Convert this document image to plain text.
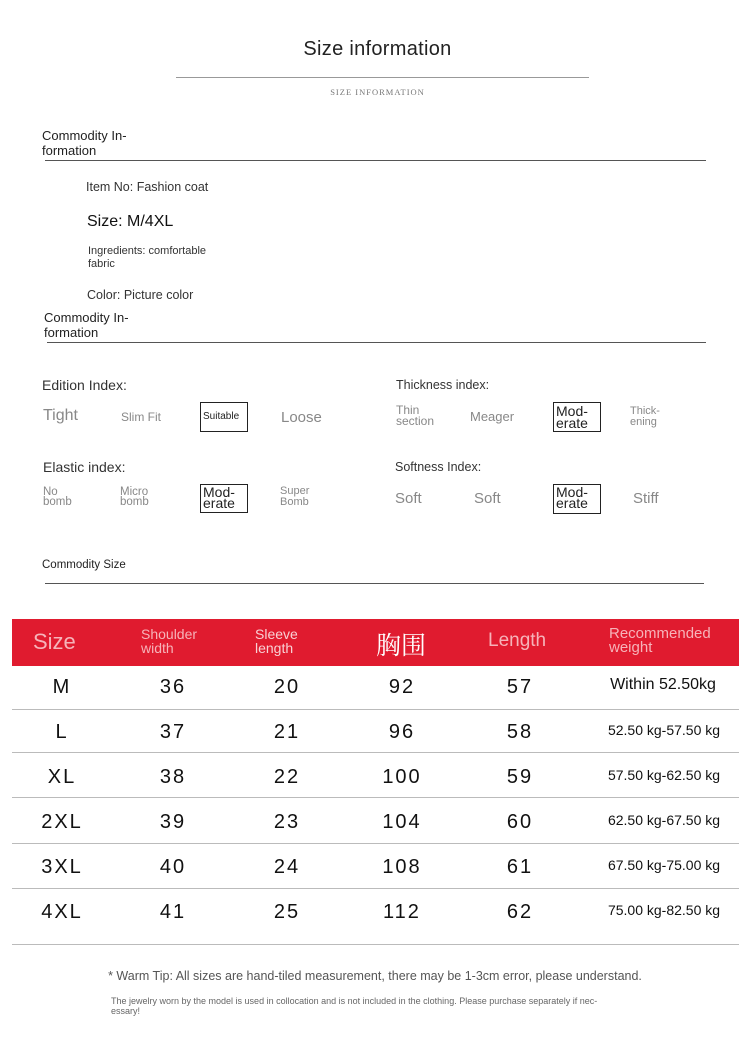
Size information
SIZE INFORMATION
Commodity In-
formation
Item No: Fashion coat
Size: M/4XL
Ingredients: comfortable
fabric
Color: Picture color
Commodity In-
formation
Edition Index:
Tight	Slim Fit	Suitable	Loose
Thickness index:
Thin
section	Meager	Mod-
erate
Thick-
ening
Elastic index:
No
bomb
Micro
bomb
Mod-
erate
Super
Bomb
Softness Index:
Soft	Soft	Mod-
erate	Stiff
Commodity Size
Size	Shoulder
width
Sleeve
length	胸围	Length	Recommended
weight
M	36	20	92	57	Within 52.50kg
L	37	21	96	58	52.50 kg-57.50 kg
XL	38	22	100	59	57.50 kg-62.50 kg
2XL	39	23	104	60	62.50 kg-67.50 kg
3XL	40	24	108	61	67.50 kg-75.00 kg
4XL	41	25	112	62	75.00 kg-82.50 kg
* Warm Tip: All sizes are hand-tiled measurement, there may be 1-3cm error, please understand.
The jewelry worn by the model is used in collocation and is not included in the clothing. Please purchase separately if nec-
essary!
